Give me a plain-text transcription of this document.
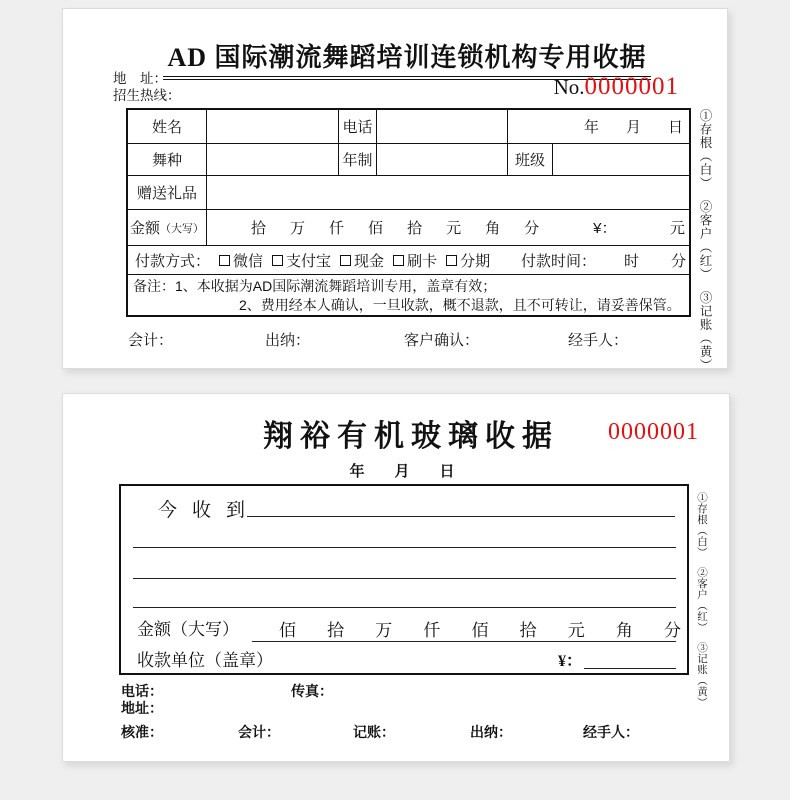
AD 国际潮流舞蹈培训连锁机构专用收据
地　址：
招生热线：	No.0000001
姓名	电话	年 月 日
舞种	年制	班级
赠送礼品
金额 （大写）	拾 万 仟 佰 拾 元 角 分	¥：	元
付款方式： 微信 支付宝 现金 刷卡 分期 付款时间： 时 分
备注：1、本收据为AD国际潮流舞蹈培训专用，盖章有效；
2、费用经本人确认，一旦收款，概不退款，且不可转让，请妥善保管。
会计：	出纳：	客户确认：	经手人：
①存根（白）
②客户（红）
③记账（黄）
翔裕有机玻璃收据	0000001
年 月 日
今收到
金额（大写） 佰 拾 万 仟 佰 拾 元 角 分
收款单位（盖章）	¥：
①存根（白）
②客户（红）
③记账（黄）
电话：	传真：
地址：
核准：	会计：	记账：	出纳：	经手人：
